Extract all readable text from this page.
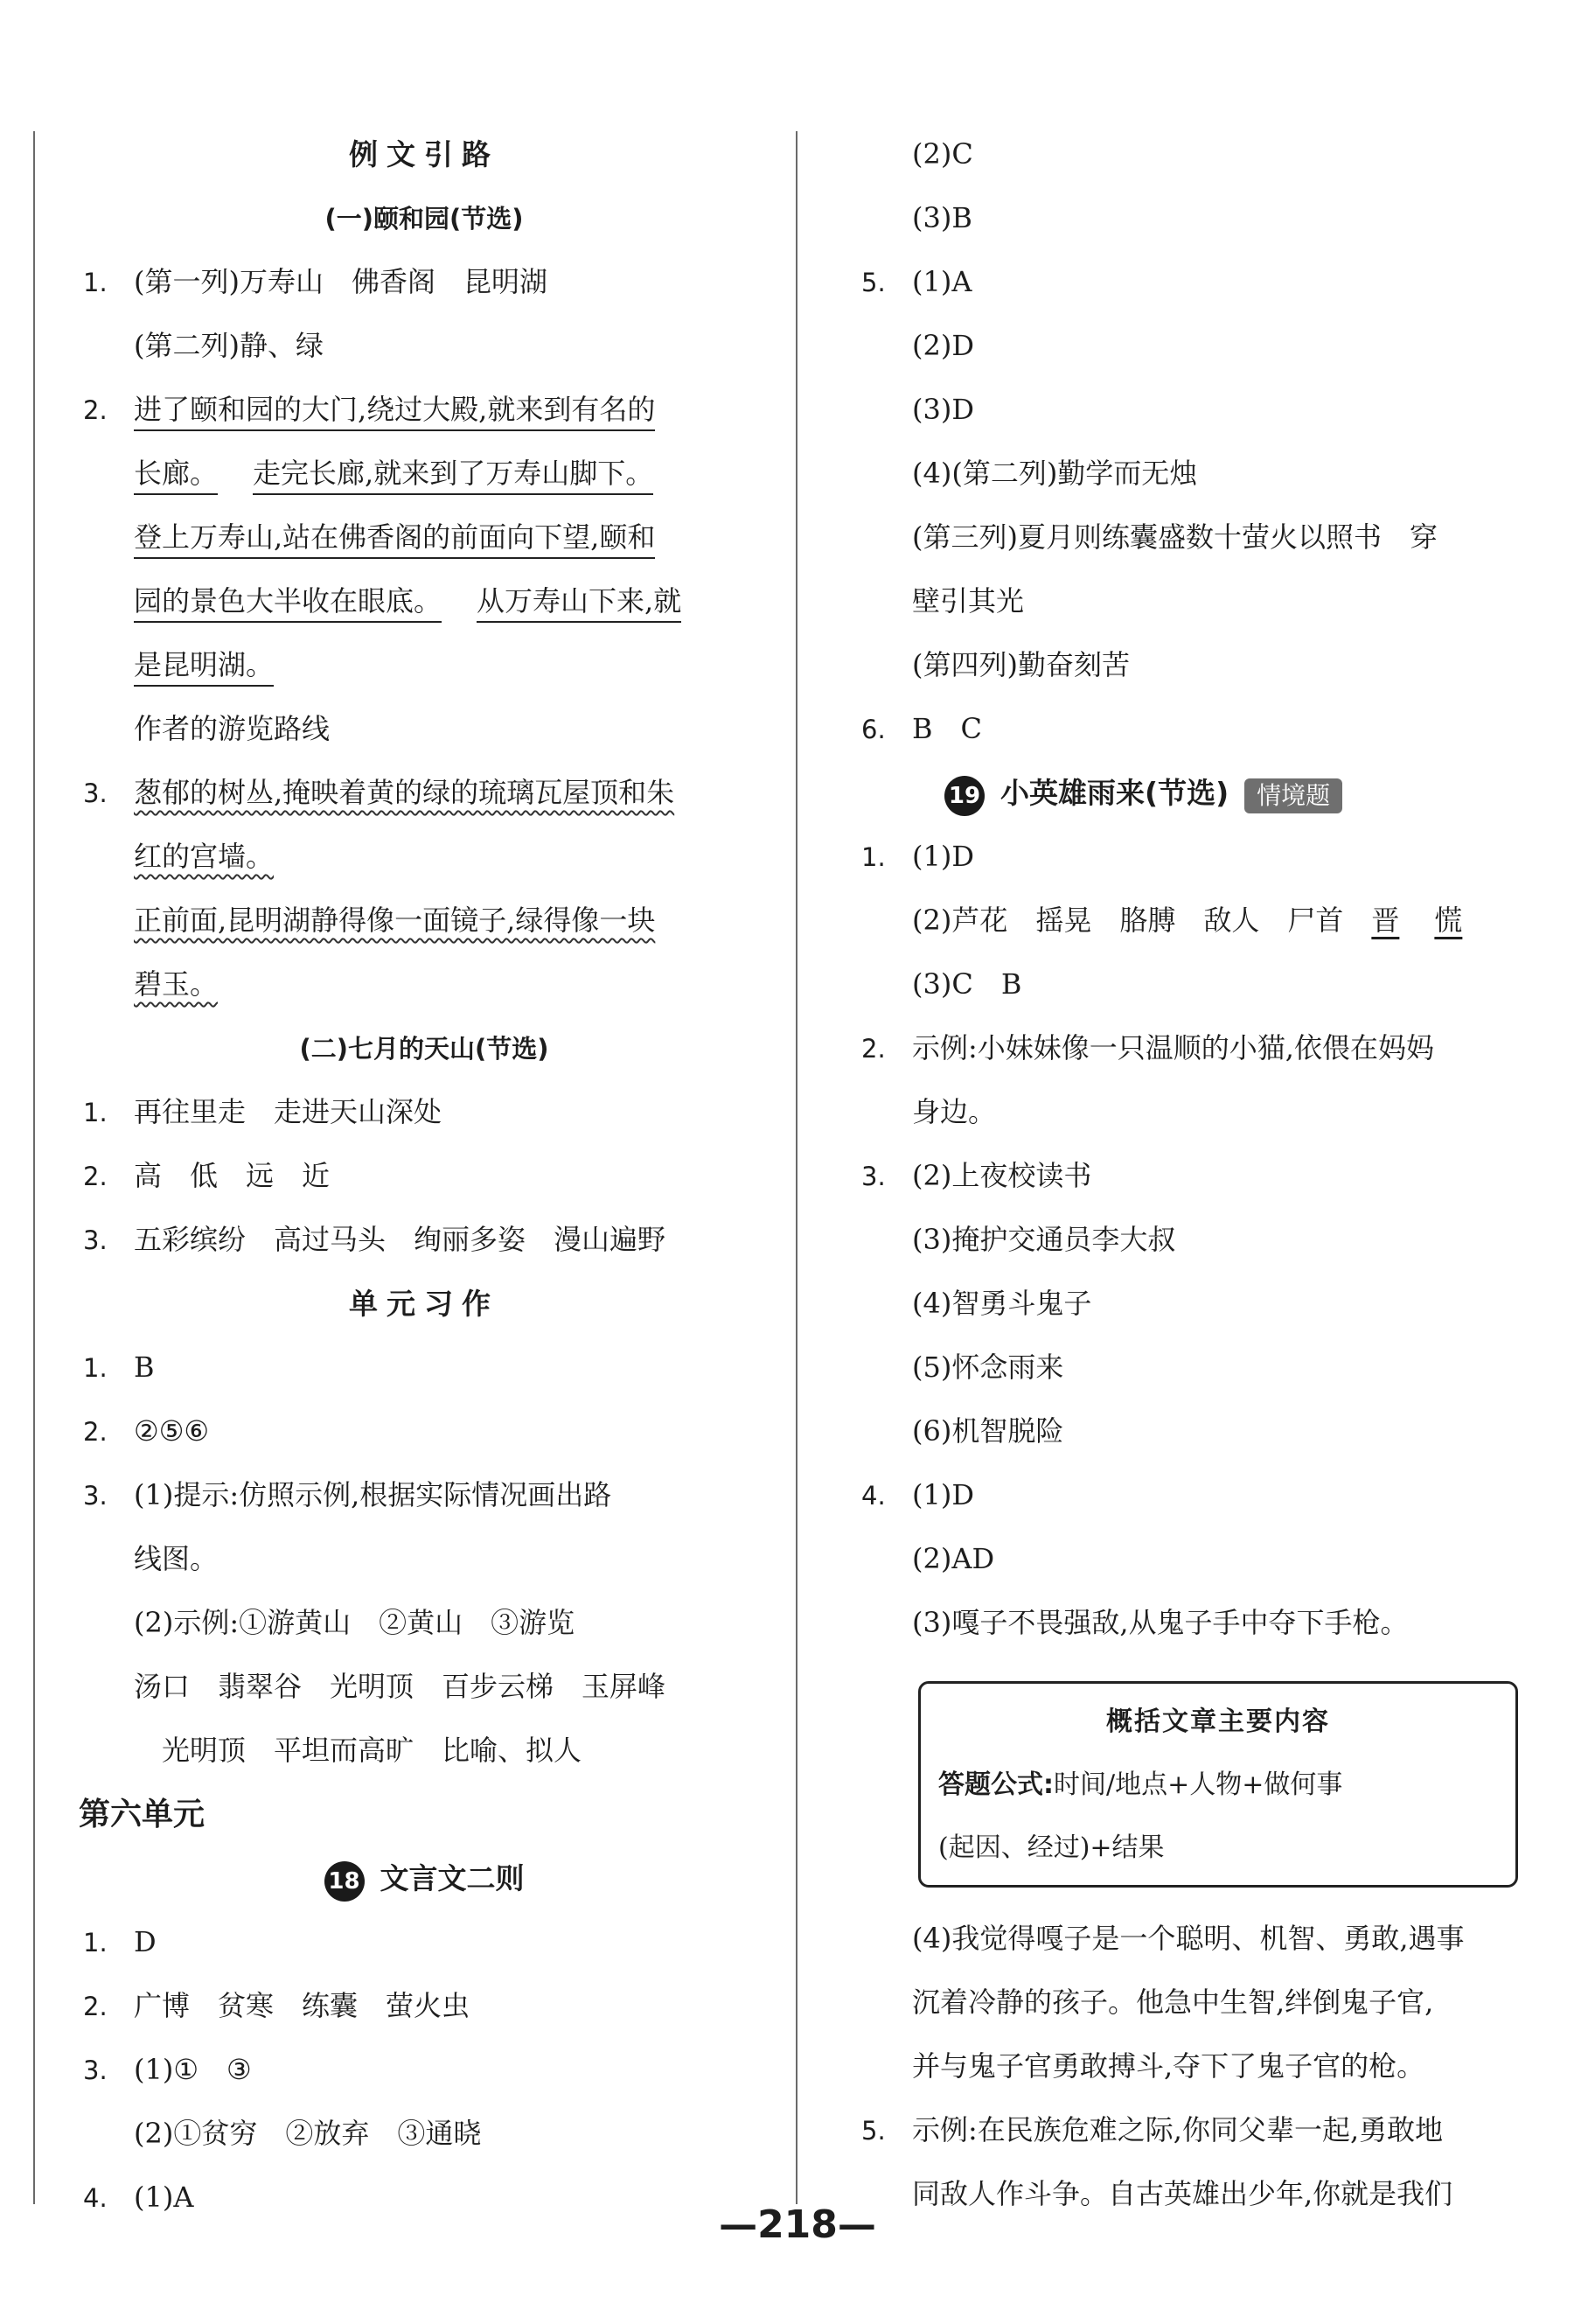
例文引路
(一)颐和园(节选)
1. (第一列)万寿山　佛香阁　昆明湖
(第二列)静、绿
2. 进了颐和园的大门,绕过大殿,就来到有名的
长廊。 走完长廊,就来到了万寿山脚下。
登上万寿山,站在佛香阁的前面向下望,颐和
园的景色大半收在眼底。 从万寿山下来,就
是昆明湖。
作者的游览路线
3. 葱郁的树丛,掩映着黄的绿的琉璃瓦屋顶和朱
红的宫墙。
正前面,昆明湖静得像一面镜子,绿得像一块
碧玉。
(二)七月的天山(节选)
1. 再往里走　走进天山深处
2. 高　低　远　近
3. 五彩缤纷　高过马头　绚丽多姿　漫山遍野
单元习作
1. B
2. ②⑤⑥
3. (1)提示:仿照示例,根据实际情况画出路
线图。
(2)示例:①游黄山　②黄山　③游览
汤口　翡翠谷　光明顶　百步云梯　玉屏峰
光明顶　平坦而高旷　比喻、拟人
第六单元
18 文言文二则
1. D
2. 广博　贫寒　练囊　萤火虫
3. (1)①　③
(2)①贫穷　②放弃　③通晓
4. (1)A
(2)C
(3)B
5. (1)A
(2)D
(3)D
(4)(第二列)勤学而无烛
(第三列)夏月则练囊盛数十萤火以照书　穿
壁引其光
(第四列)勤奋刻苦
6. B　C
19 小英雄雨来(节选) 情境题
1. (1)D
(2)芦花　摇晃　胳膊　敌人　尸首　晋 慌
(3)C　B
2. 示例:小妹妹像一只温顺的小猫,依偎在妈妈
身边。
3. (2)上夜校读书
(3)掩护交通员李大叔
(4)智勇斗鬼子
(5)怀念雨来
(6)机智脱险
4. (1)D
(2)AD
(3)嘎子不畏强敌,从鬼子手中夺下手枪。
概括文章主要内容
答题公式:时间/地点+人物+做何事
(起因、经过)+结果
(4)我觉得嘎子是一个聪明、机智、勇敢,遇事
沉着冷静的孩子。他急中生智,绊倒鬼子官,
并与鬼子官勇敢搏斗,夺下了鬼子官的枪。
5. 示例:在民族危难之际,你同父辈一起,勇敢地
同敌人作斗争。自古英雄出少年,你就是我们
—218—
